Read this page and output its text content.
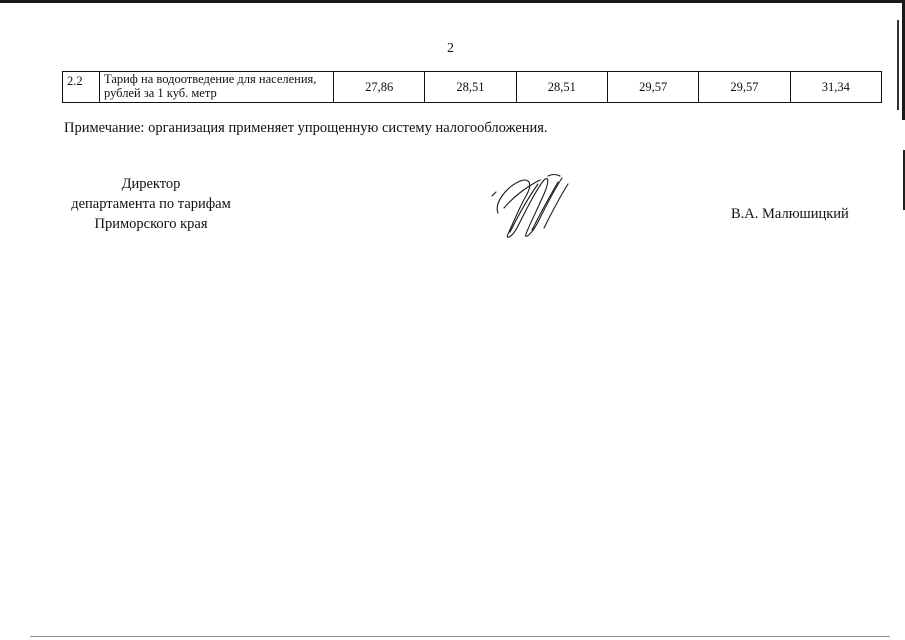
2
2.2	Тариф на водоотведение для населения,
рублей за 1 куб. метр	27,86	28,51	28,51	29,57	29,57	31,34
Примечание: организация применяет упрощенную систему налогообложения.
Директор
департамента по тарифам
Приморского края
В.А. Малюшицкий
